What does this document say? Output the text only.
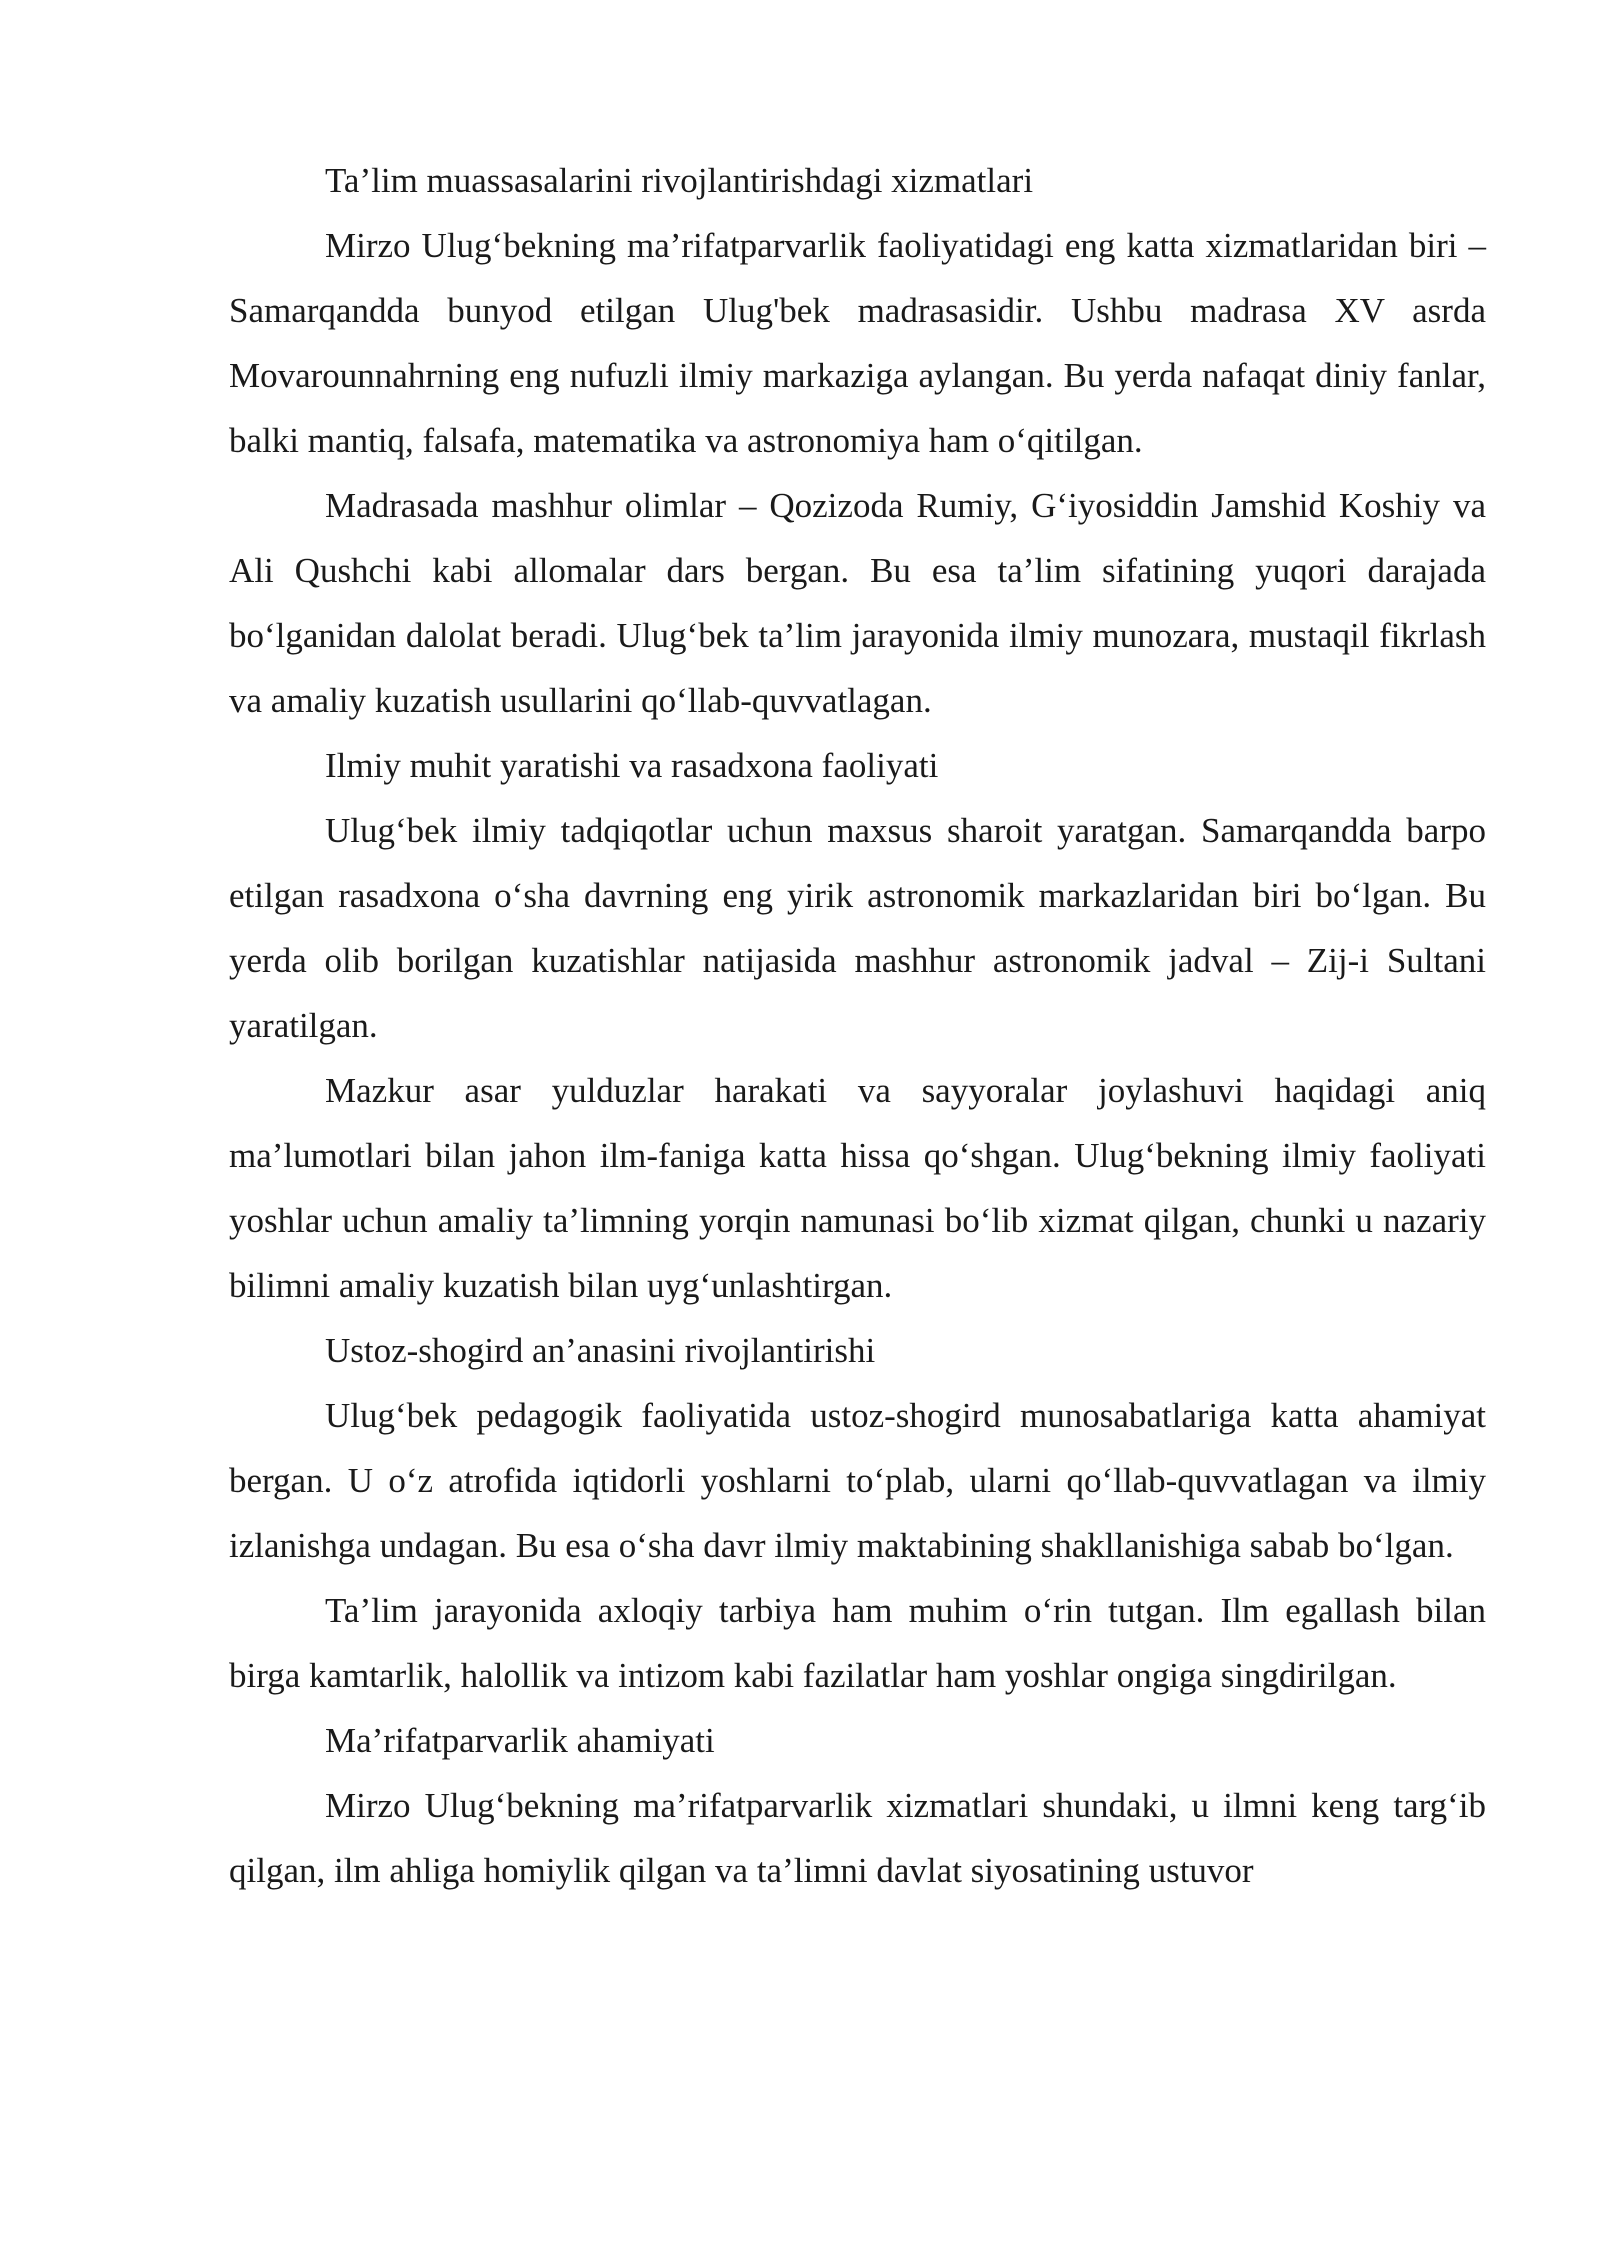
Ta’lim muassasalarini rivojlantirishdagi xizmatlari

Mirzo Ulug‘bekning ma’rifatparvarlik faoliyatidagi eng katta xizmatlaridan biri – Samarqandda bunyod etilgan Ulug'bek madrasasidir. Ushbu madrasa XV asrda Movarounnahrning eng nufuzli ilmiy markaziga aylangan. Bu yerda nafaqat diniy fanlar, balki mantiq, falsafa, matematika va astronomiya ham o‘qitilgan.

Madrasada mashhur olimlar – Qozizoda Rumiy, G‘iyosiddin Jamshid Koshiy va Ali Qushchi kabi allomalar dars bergan. Bu esa ta’lim sifatining yuqori darajada bo‘lganidan dalolat beradi. Ulug‘bek ta’lim jarayonida ilmiy munozara, mustaqil fikrlash va amaliy kuzatish usullarini qo‘llab-quvvatlagan.

Ilmiy muhit yaratishi va rasadxona faoliyati

Ulug‘bek ilmiy tadqiqotlar uchun maxsus sharoit yaratgan. Samarqandda barpo etilgan rasadxona o‘sha davrning eng yirik astronomik markazlaridan biri bo‘lgan. Bu yerda olib borilgan kuzatishlar natijasida mashhur astronomik jadval – Zij-i Sultani yaratilgan.

Mazkur asar yulduzlar harakati va sayyoralar joylashuvi haqidagi aniq ma’lumotlari bilan jahon ilm-faniga katta hissa qo‘shgan. Ulug‘bekning ilmiy faoliyati yoshlar uchun amaliy ta’limning yorqin namunasi bo‘lib xizmat qilgan, chunki u nazariy bilimni amaliy kuzatish bilan uyg‘unlashtirgan.

Ustoz-shogird an’anasini rivojlantirishi

Ulug‘bek pedagogik faoliyatida ustoz-shogird munosabatlariga katta ahamiyat bergan. U o‘z atrofida iqtidorli yoshlarni to‘plab, ularni qo‘llab-quvvatlagan va ilmiy izlanishga undagan. Bu esa o‘sha davr ilmiy maktabining shakllanishiga sabab bo‘lgan.

Ta’lim jarayonida axloqiy tarbiya ham muhim o‘rin tutgan. Ilm egallash bilan birga kamtarlik, halollik va intizom kabi fazilatlar ham yoshlar ongiga singdirilgan.

Ma’rifatparvarlik ahamiyati

Mirzo Ulug‘bekning ma’rifatparvarlik xizmatlari shundaki, u ilmni keng targ‘ib qilgan, ilm ahliga homiylik qilgan va ta’limni davlat siyosatining ustuvor
